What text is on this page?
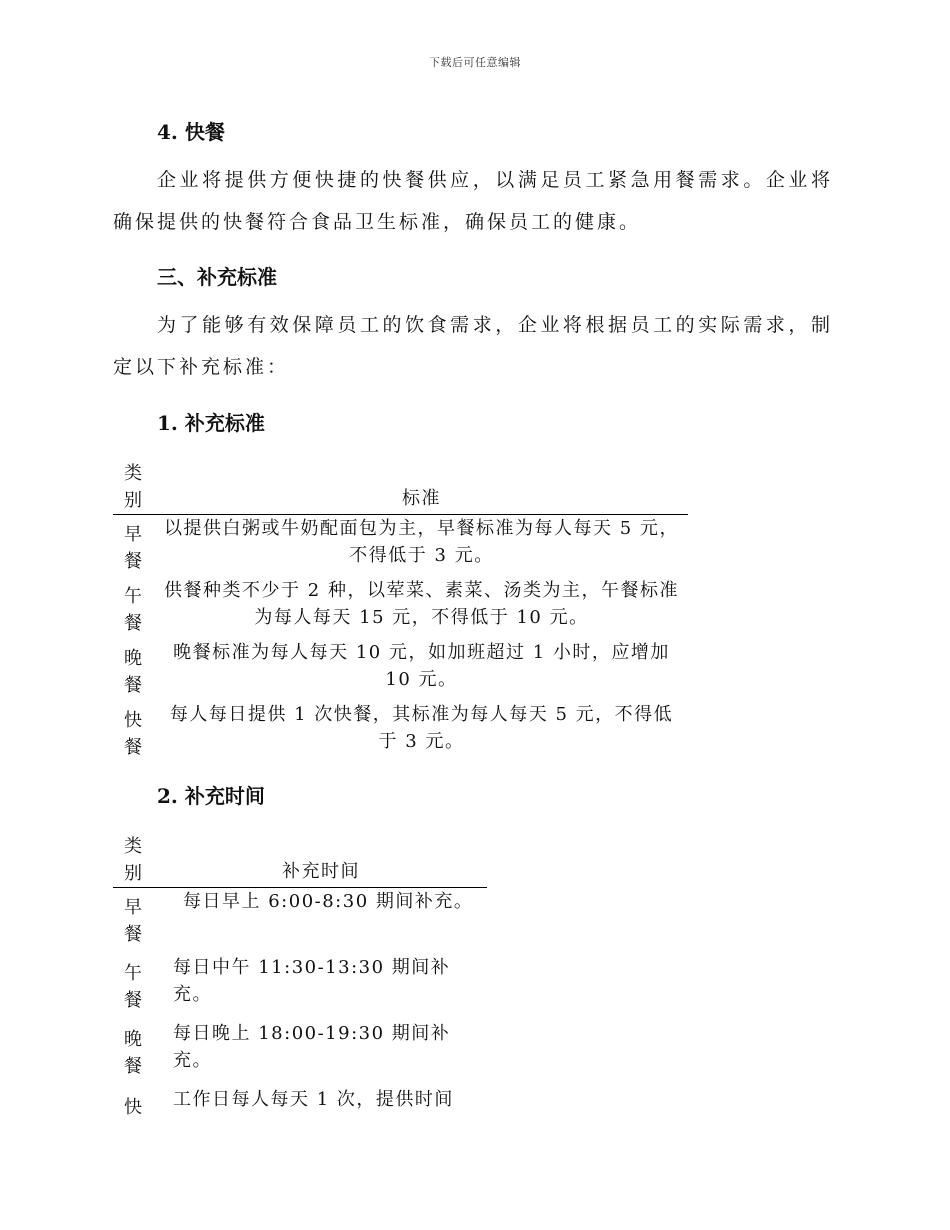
下载后可任意编辑
4. 快餐
企业将提供方便快捷的快餐供应，以满足员工紧急用餐需求。企业将确保提供的快餐符合食品卫生标准，确保员工的健康。
三、补充标准
为了能够有效保障员工的饮食需求，企业将根据员工的实际需求，制定以下补充标准：
1. 补充标准
类
别	标准

早
餐	以提供白粥或牛奶配面包为主，早餐标准为每人每天 5 元，不得低于 3 元。

午
餐	供餐种类不少于 2 种，以荤菜、素菜、汤类为主，午餐标准为每人每天 15 元，不得低于 10 元。

晚
餐	晚餐标准为每人每天 10 元，如加班超过 1 小时，应增加 10 元。

快
餐	每人每日提供 1 次快餐，其标准为每人每天 5 元，不得低于 3 元。
2. 补充时间
类
别	补充时间

早
餐	每日早上 6:00-8:30 期间补充。

午
餐	每日中午 11:30-13:30 期间补充。

晚
餐	每日晚上 18:00-19:30 期间补充。

快	工作日每人每天 1 次，提供时间
